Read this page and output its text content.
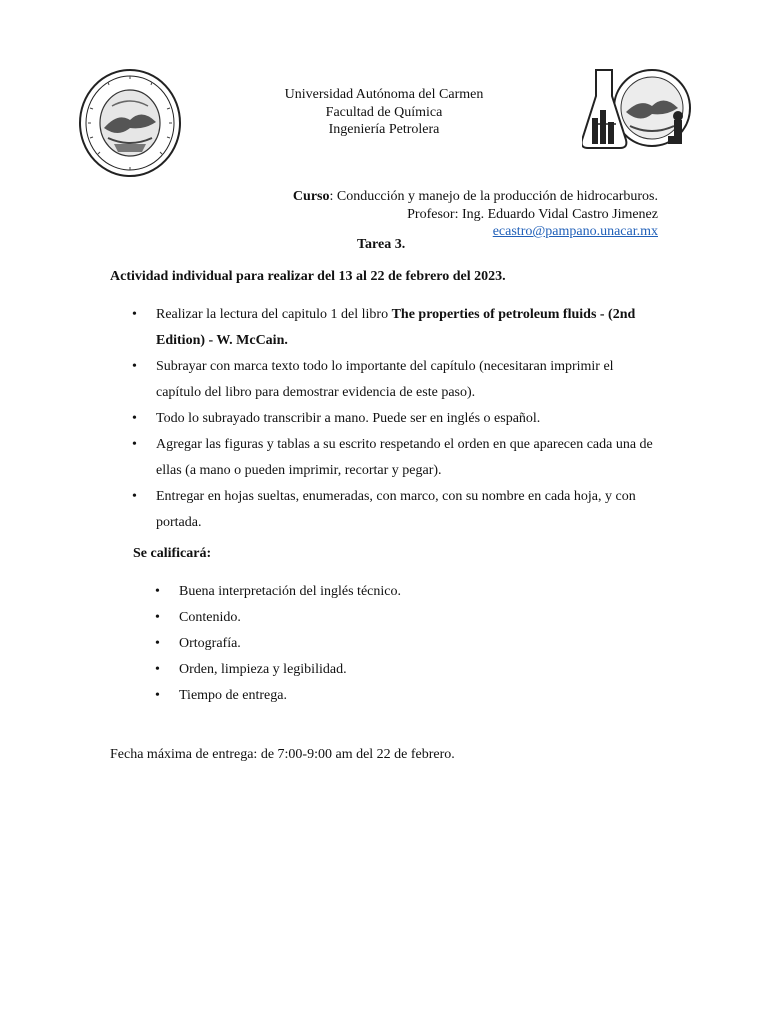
Universidad Autónoma del Carmen
Facultad de Química
Ingeniería Petrolera
Curso: Conducción y manejo de la producción de hidrocarburos.
Profesor: Ing. Eduardo Vidal Castro Jimenez
ecastro@pampano.unacar.mx
Tarea 3.
Actividad individual para realizar del 13 al 22 de febrero del 2023.
• Realizar la lectura del capitulo 1 del libro The properties of petroleum fluids - (2nd Edition) - W. McCain.
• Subrayar con marca texto todo lo importante del capítulo (necesitaran imprimir el capítulo del libro para demostrar evidencia de este paso).
• Todo lo subrayado transcribir a mano. Puede ser en inglés o español.
• Agregar las figuras y tablas a su escrito respetando el orden en que aparecen cada una de ellas (a mano o pueden imprimir, recortar y pegar).
• Entregar en hojas sueltas, enumeradas, con marco, con su nombre en cada hoja, y con portada.
Se calificará:
• Buena interpretación del inglés técnico.
• Contenido.
• Ortografía.
• Orden, limpieza y legibilidad.
• Tiempo de entrega.
Fecha máxima de entrega: de 7:00-9:00 am del 22 de febrero.
